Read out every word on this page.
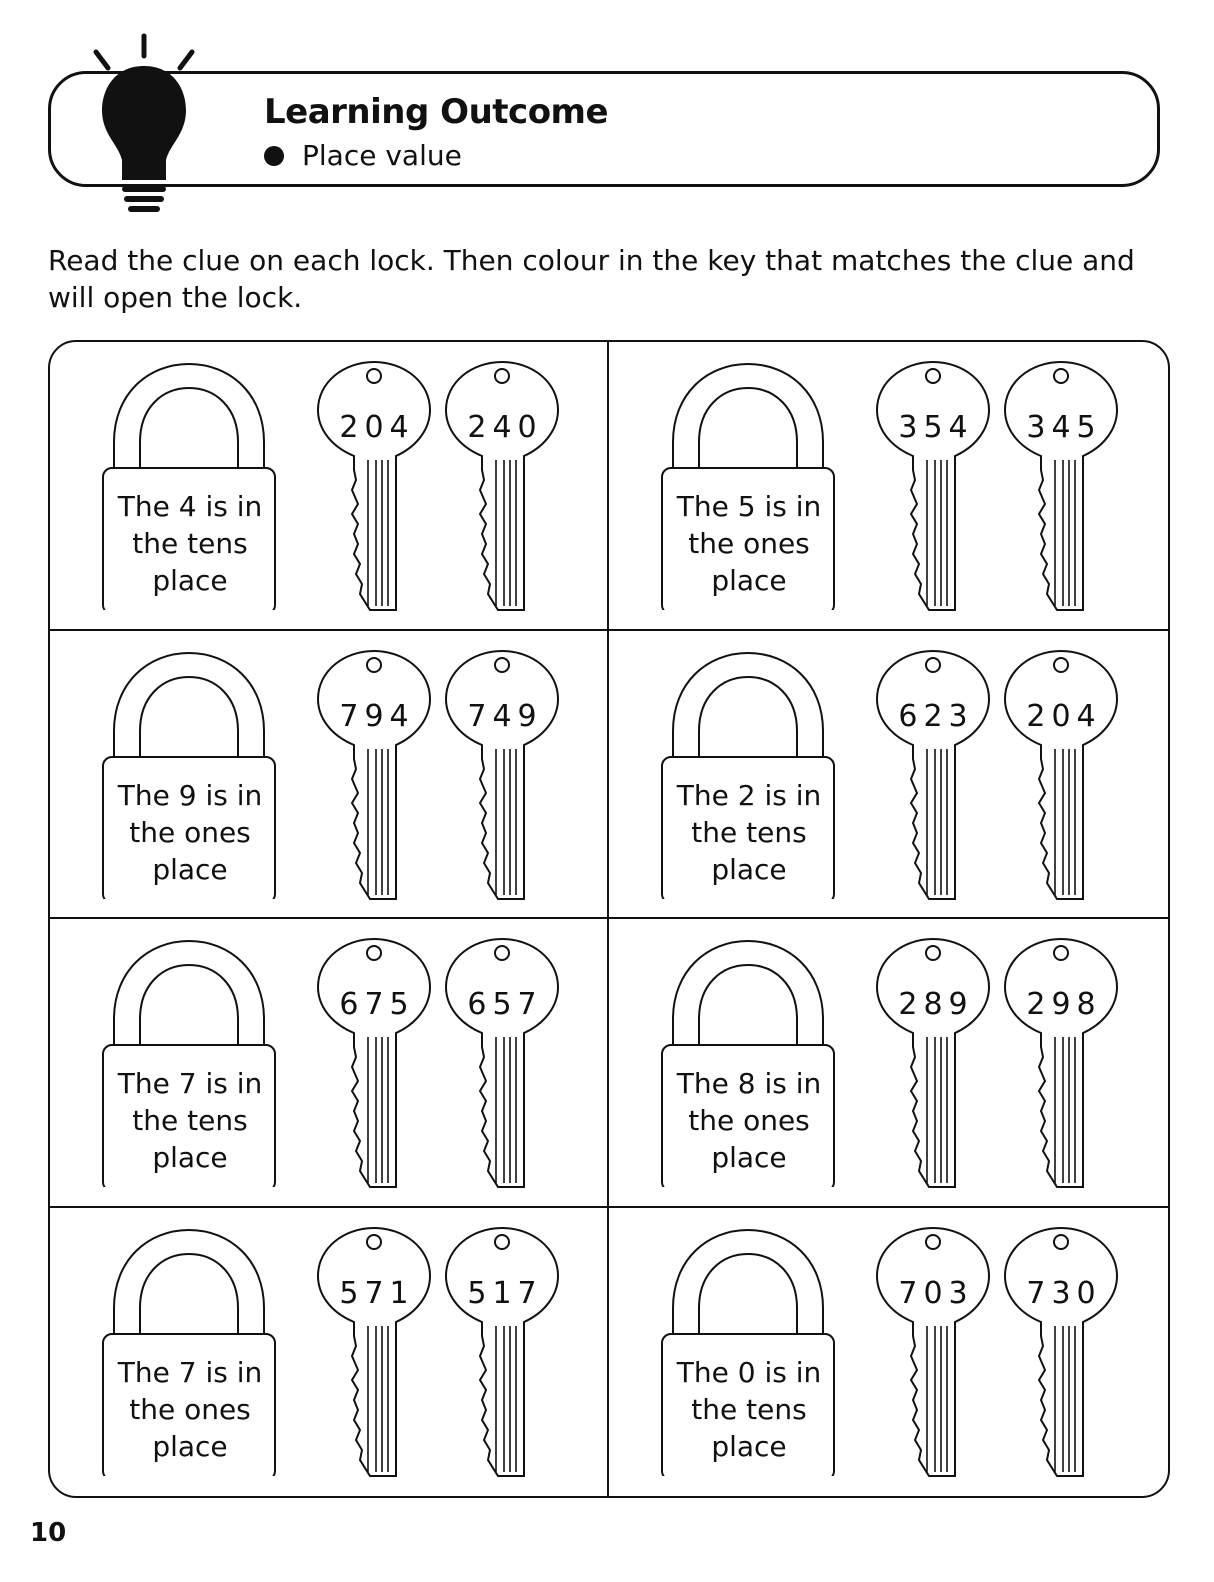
Learning Outcome
Place value
Read the clue on each lock. Then colour in the key that matches the clue and will open the lock.
The 4 is in
the tens
place
204	240
The 5 is in
the ones
place
354	345
The 9 is in
the ones
place
794	749
The 2 is in
the tens
place
623	204
The 7 is in
the tens
place
675	657
The 8 is in
the ones
place
289	298
The 7 is in
the ones
place
571	517
The 0 is in
the tens
place
703	730
10
